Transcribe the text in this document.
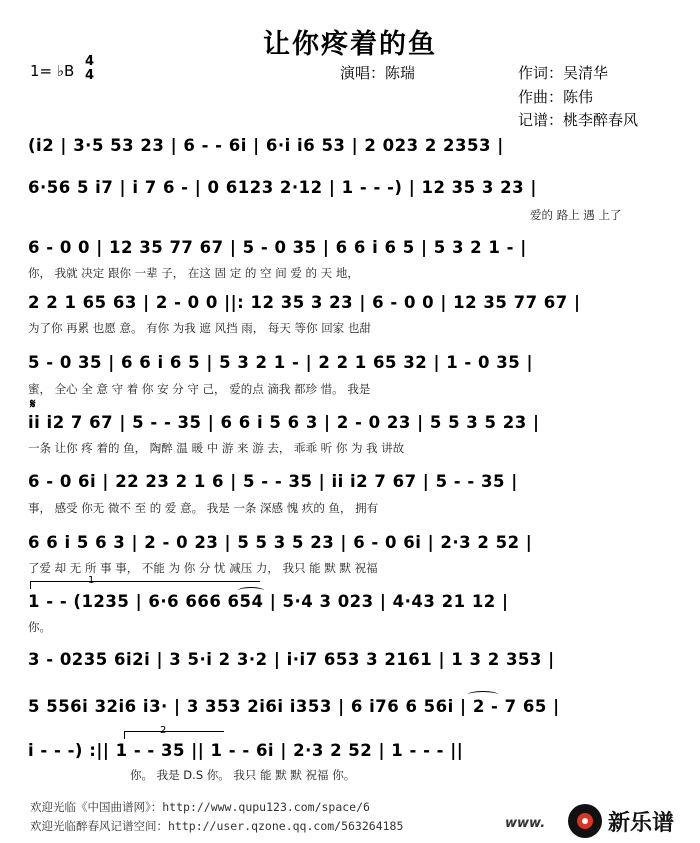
让你疼着的鱼
1= ♭B
4
4	演唱：陈瑞	作词：吴清华
作曲：陈伟
记谱：桃李醉春风
(i2 | 3·5 53 23 | 6 - - 6i | 6·i i6 53 | 2 023 2 2353 |
6·56 5 i7 | i 7 6 - | 0 6123 2·12 | 1 - - -) | 12 35 3 23 |
爱的 路上 遇 上了
6 - 0 0 | 12 35 77 67 | 5 - 0 35 | 6 6 i 6 5 | 5 3 2 1 - |
你， 我就 决定 跟你 一辈 子， 在这 固 定 的 空 间 爱 的 天 地，
2 2 1 65 63 | 2 - 0 0 ||: 12 35 3 23 | 6 - 0 0 | 12 35 77 67 |
为了你 再累 也愿 意。 有你 为我 遮 风挡 雨， 每天 等你 回家 也甜
5 - 0 35 | 6 6 i 6 5 | 5 3 2 1 - | 2 2 1 65 32 | 1 - 0 35 |
蜜， 全心 全 意 守 着 你 安 分 守 己， 爱的点 滴我 都珍 惜。 我是
𝄋
ii i2 7 67 | 5 - - 35 | 6 6 i 5 6 3 | 2 - 0 23 | 5 5 3 5 23 |
一条 让你 疼 着的 鱼， 陶醉 温 暖 中 游 来 游 去， 乖乖 听 你 为 我 讲故
6 - 0 6i | 22 23 2 1 6 | 5 - - 35 | ii i2 7 67 | 5 - - 35 |
事， 感受 你无 微不 至 的 爱 意。 我是 一条 深感 愧 疚的 鱼， 拥有
6 6 i 5 6 3 | 2 - 0 23 | 5 5 3 5 23 | 6 - 0 6i | 2·3 2 52 |
了爱 却 无 所 事 事， 不能 为 你 分 忧 减压 力， 我只 能 默 默 祝福
1
1 - - (1235 | 6·6 666 654 | 5·4 3 023 | 4·43 21 12 |
你。
3 - 0235 6i2i | 3 5·i 2 3·2 | i·i7 653 3 2161 | 1 3 2 353 |
5 556i 32i6 i3· | 3 353 2i6i i353 | 6 i76 6 56i | 2 - 7 65 |
2
i - - -) :|| 1 - - 35 || 1 - - 6i | 2·3 2 52 | 1 - - - ||
你。 我是 D.S 你。 我只 能 默 默 祝福 你。
欢迎光临《中国曲谱网》：http://www.qupu123.com/space/6
欢迎光临醉春风记谱空间：http://user.qzone.qq.com/563264185	www.	新乐谱
